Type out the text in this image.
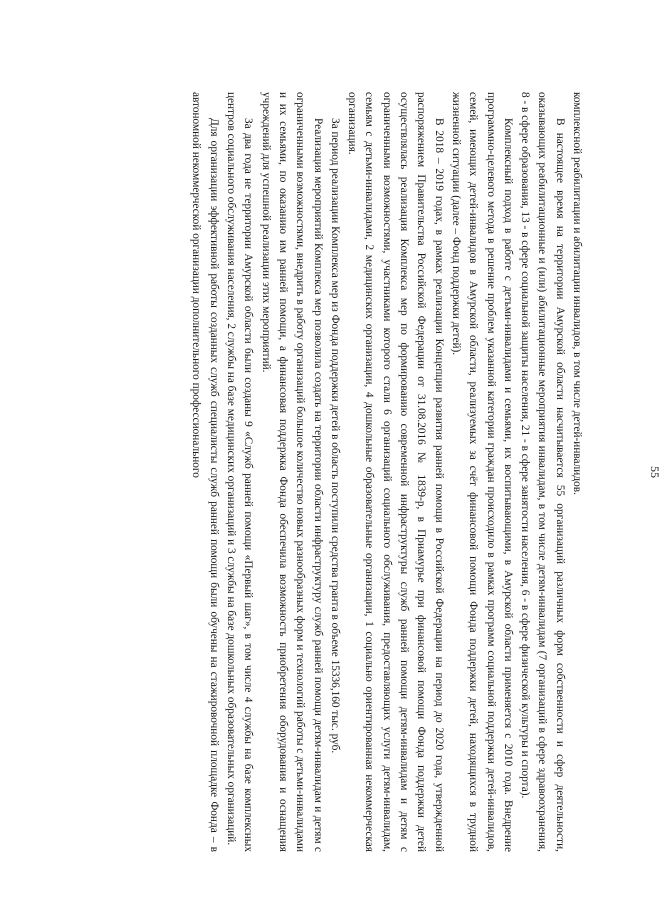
55

комплексной реабилитации и абилитации инвалидов, в том числе детей-инвалидов.

В настоящее время на территории Амурской области насчитывается 55 организаций различных форм собственности и сфер деятельности, оказывающих реабилитационные и (или) абилитационные мероприятия инвалидам, в том числе детям-инвалидам (7 организаций в сфере здравоохранения, 8 - в сфере образования, 13 - в сфере социальной защиты населения, 21 - в сфере занятости населения, 6 - в сфере физической культуры и спорта).

Комплексный подход в работе с детьми-инвалидами и семьями, их воспитывающими, в Амурской области применяется с 2010 года. Внедрение программно-целевого метода в решение проблем указанной категории граждан происходило в рамках программ социальной поддержки детей-инвалидов, семей, имеющих детей-инвалидов в Амурской области, реализуемых за счёт финансовой помощи Фонда поддержки детей, находящихся в трудной жизненной ситуации (далее – Фонд поддержки детей).

В 2018 – 2019 годах, в рамках реализации Концепции развития ранней помощи в Российской Федерации на период до 2020 года, утвержденной распоряжением Правительства Российской Федерации от 31.08.2016 № 1839-р, в Приамурье при финансовой помощи Фонда поддержки детей осуществлялась реализация Комплекса мер по формированию современной инфраструктуры служб ранней помощи детям-инвалидам и детям с ограниченными возможностями, участниками которого стали 6 организаций социального обслуживания, предоставляющих услуги детям-инвалидам, семьям с детьми-инвалидами, 2 медицинских организации, 4 дошкольные образовательные организации, 1 социально ориентированная некоммерческая организация.

За период реализации Комплекса мер из Фонда поддержки детей в область поступили средства гранта в объеме 15336,160 тыс. руб.

Реализация мероприятий Комплекса мер позволила создать на территории области инфраструктуру служб ранней помощи детям-инвалидам и детям с ограниченными возможностями, внедрить в работу организаций большое количество новых разнообразных форм и технологий работы с детьми-инвалидами и их семьями, по оказанию им ранней помощи, а финансовая поддержка Фонда обеспечила возможность приобретения оборудования и оснащения учреждений для успешной реализации этих мероприятий.

За два года не территории Амурской области были созданы 9 «Служб ранней помощи «Первый шаг», в том числе 4 службы на базе комплексных центров социального обслуживания населения, 2 службы на базе медицинских организаций и 3 службы на базе дошкольных образовательных организаций.

Для организации эффективной работы созданных служб специалисты служб ранней помощи были обучены на стажировочной площадке Фонда – в автономной некоммерческой организации дополнительного профессионального
